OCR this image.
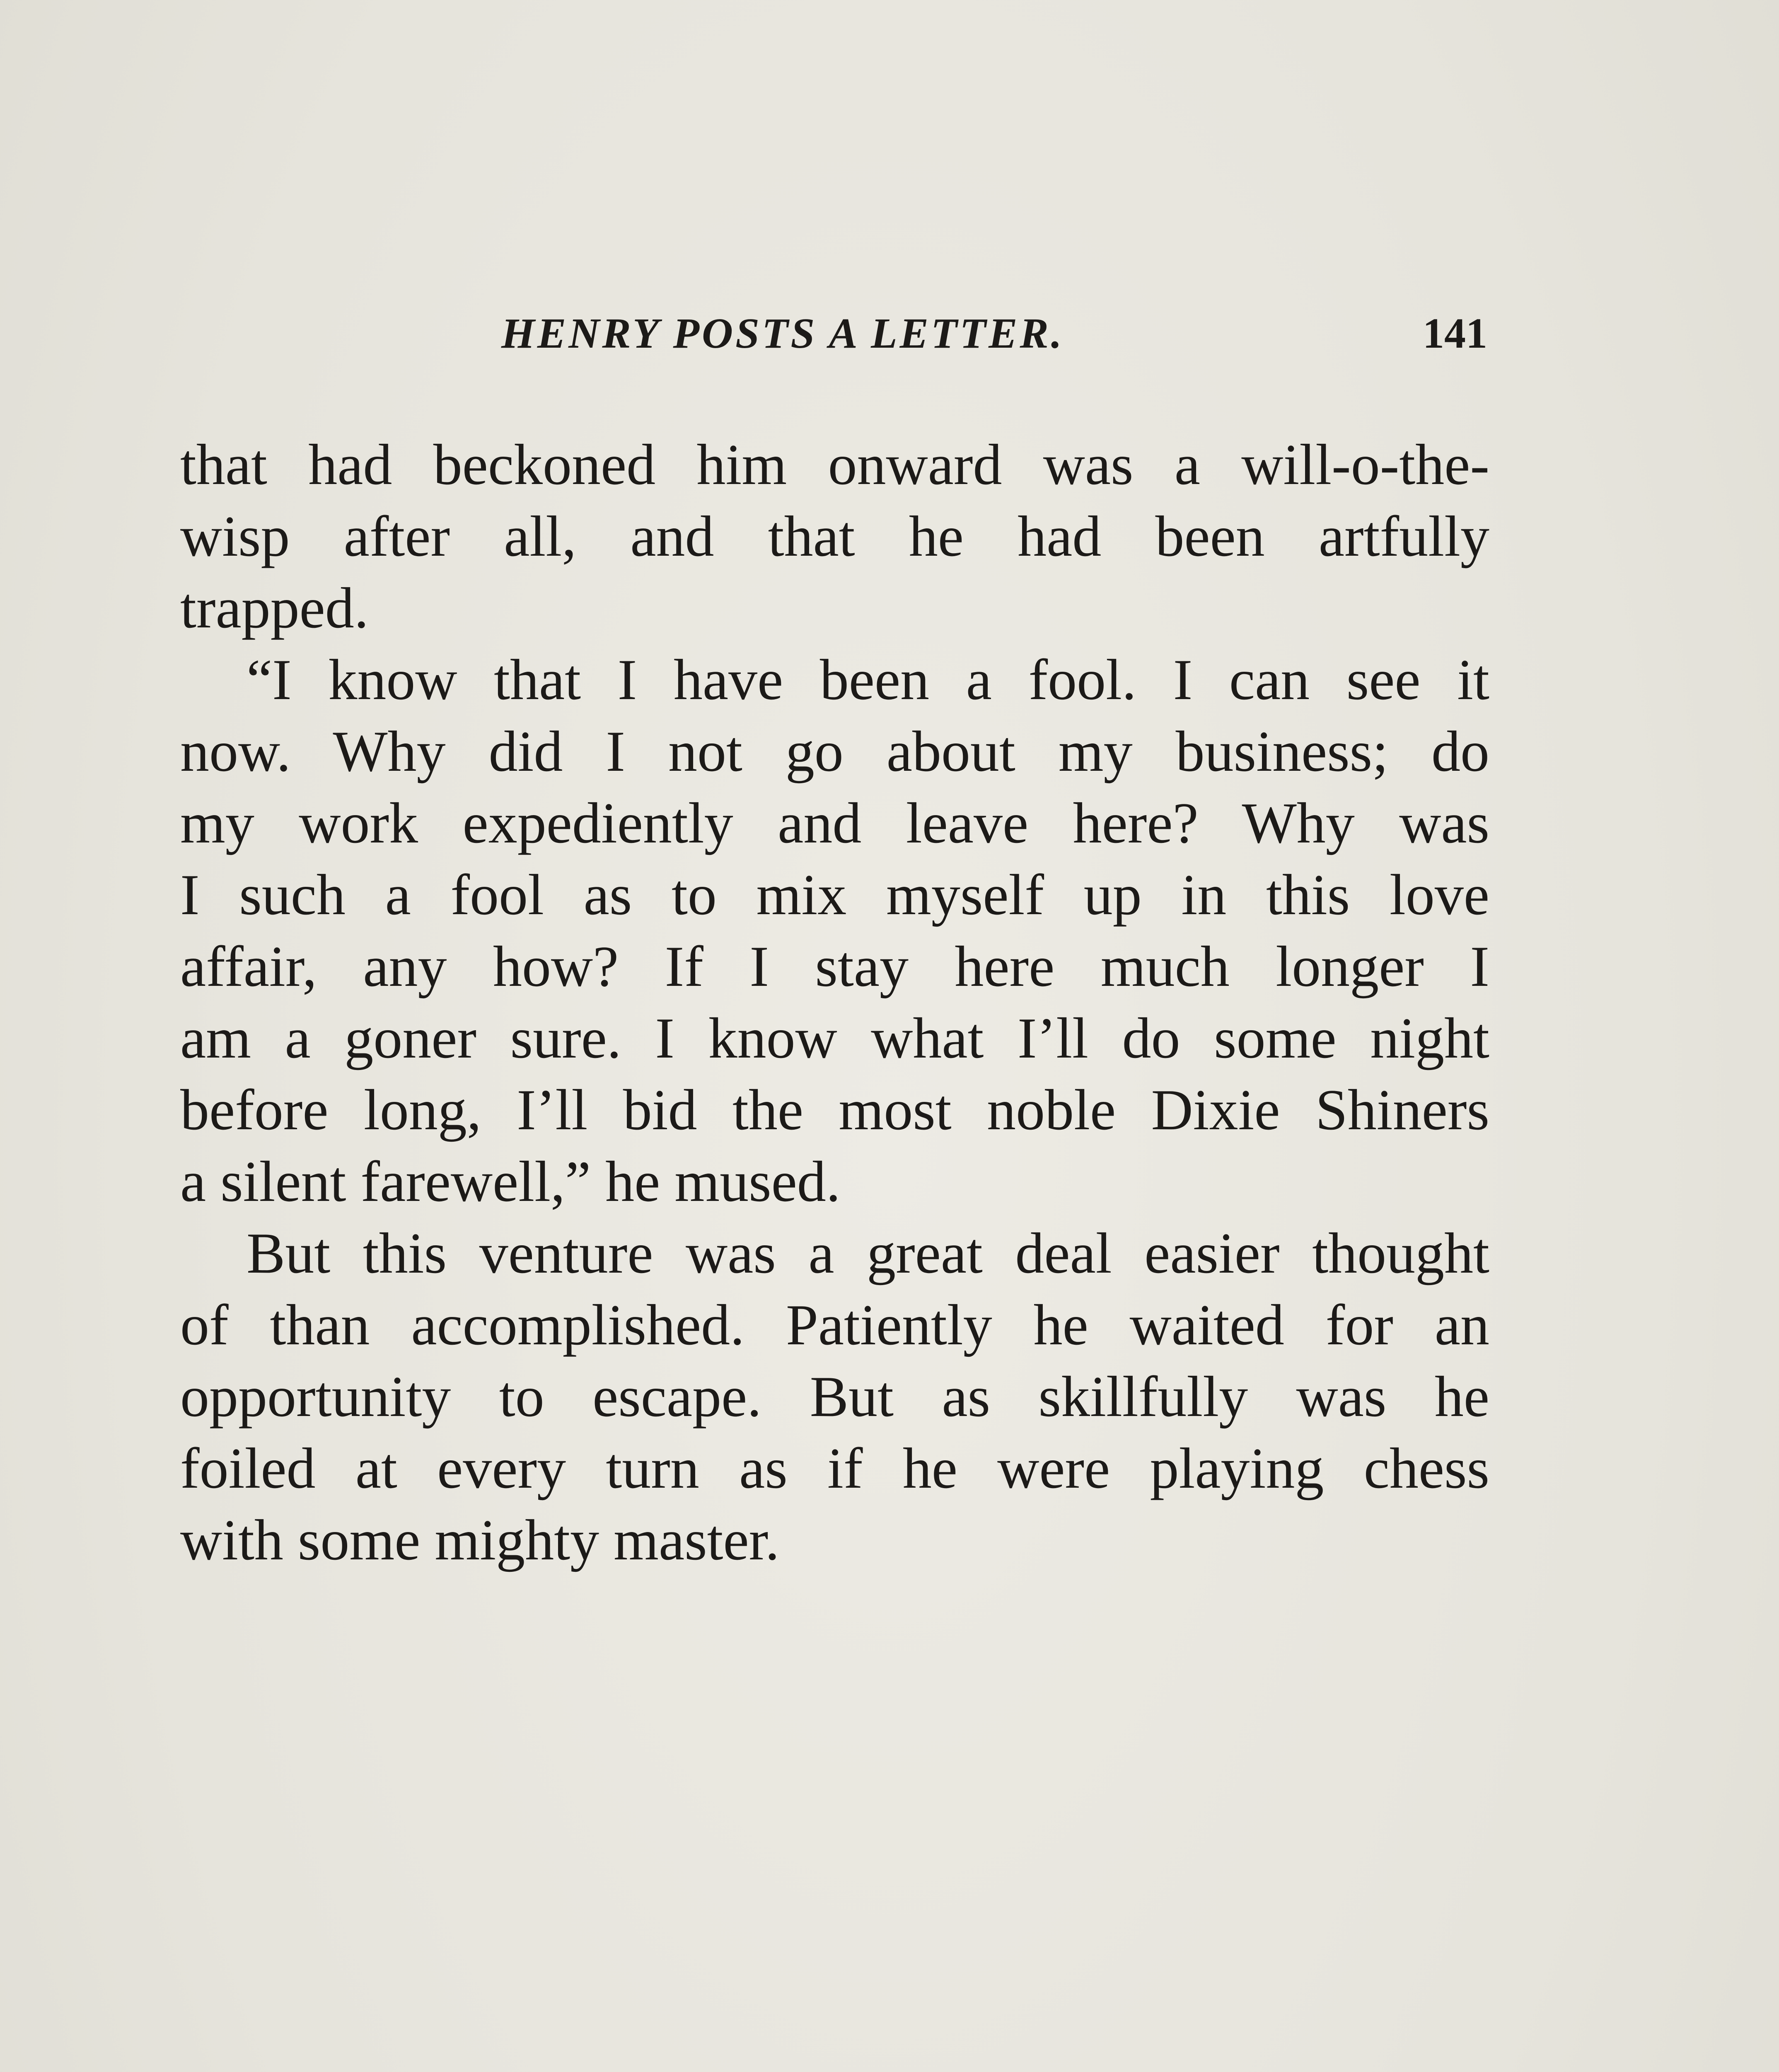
HENRY POSTS A LETTER.	141
that had beckoned him onward was a will-o-the-
wisp after all, and that he had been artfully
trapped.
“I know that I have been a fool. I can see it
now. Why did I not go about my business; do
my work expediently and leave here? Why was
I such a fool as to mix myself up in this love
affair, any how? If I stay here much longer I
am a goner sure. I know what I’ll do some night
before long, I’ll bid the most noble Dixie Shiners
a silent farewell,” he mused.
But this venture was a great deal easier thought
of than accomplished. Patiently he waited for an
opportunity to escape. But as skillfully was he
foiled at every turn as if he were playing chess
with some mighty master.
